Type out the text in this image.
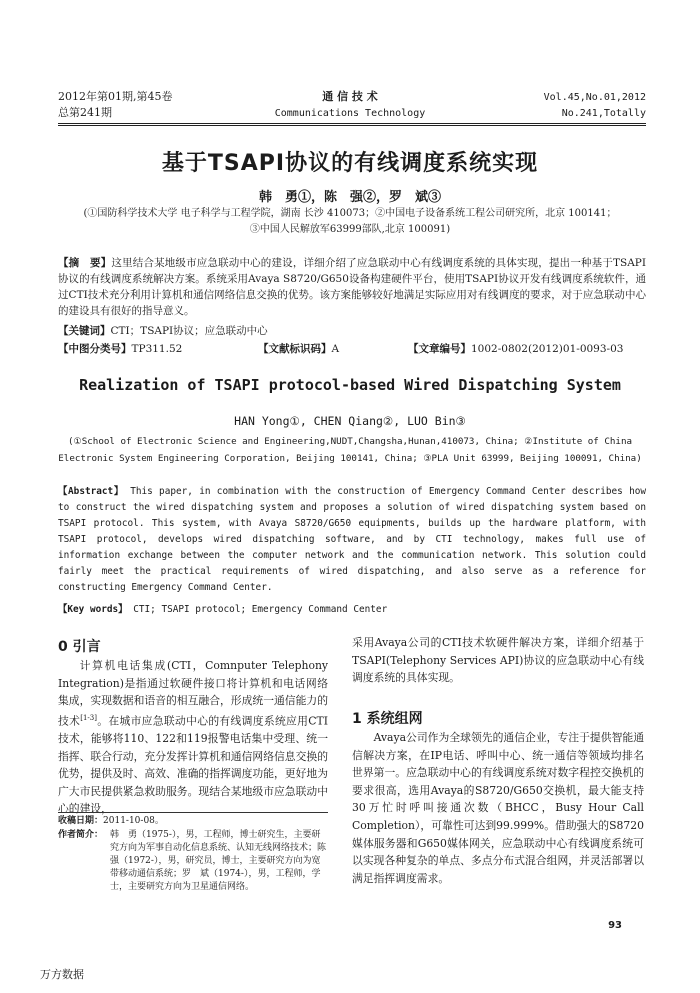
2012年第01期,第45卷
总第241期
通 信 技 术
Communications Technology
Vol.45,No.01,2012
No.241,Totally
基于TSAPI协议的有线调度系统实现
韩　勇①，陈　强②，罗　斌③
(①国防科学技术大学 电子科学与工程学院，湖南 长沙 410073；②中国电子设备系统工程公司研究所，北京 100141；
③中国人民解放军63999部队,北京 100091)
【摘　要】这里结合某地级市应急联动中心的建设，详细介绍了应急联动中心有线调度系统的具体实现，提出一种基于TSAPI协议的有线调度系统解决方案。系统采用Avaya S8720/G650设备构建硬件平台，使用TSAPI协议开发有线调度系统软件，通过CTI技术充分利用计算机和通信网络信息交换的优势。该方案能够较好地满足实际应用对有线调度的要求，对于应急联动中心的建设具有很好的指导意义。
【关键词】CTI；TSAPI协议；应急联动中心
【中图分类号】TP311.52	【文献标识码】A	【文章编号】1002-0802(2012)01-0093-03
Realization of TSAPI protocol-based Wired Dispatching System
HAN Yong①, CHEN Qiang②, LUO Bin③
(①School of Electronic Science and Engineering,NUDT,Changsha,Hunan,410073, China; ②Institute of China
Electronic System Engineering Corporation, Beijing 100141, China; ③PLA Unit 63999, Beijing 100091, China)
【Abstract】 This paper, in combination with the construction of Emergency Command Center describes how to construct the wired dispatching system and proposes a solution of wired dispatching system based on TSAPI protocol. This system, with Avaya S8720/G650 equipments, builds up the hardware platform, with TSAPI protocol, develops wired dispatching software, and by CTI technology, makes full use of information exchange between the computer network and the communication network. This solution could fairly meet the practical requirements of wired dispatching, and also serve as a reference for constructing Emergency Command Center.
【Key words】 CTI; TSAPI protocol; Emergency Command Center
0 引言

计算机电话集成(CTI，Comnputer Telephony Integration)是指通过软硬件接口将计算机和电话网络集成，实现数据和语音的相互融合，形成统一通信能力的技术[1-3]。在城市应急联动中心的有线调度系统应用CTI技术，能够将110、122和119报警电话集中受理、统一指挥、联合行动，充分发挥计算机和通信网络信息交换的优势，提供及时、高效、准确的指挥调度功能，更好地为广大市民提供紧急救助服务。现结合某地级市应急联动中心的建设，

收稿日期：2011-10-08。
作者简介： 韩　勇（1975-），男，工程师，博士研究生，主要研究方向为军事自动化信息系统、认知无线网络技术；陈　强（1972-），男，研究员，博士，主要研究方向为宽带移动通信系统；罗　斌（1974-），男，工程师，学士，主要研究方向为卫星通信网络。

采用Avaya公司的CTI技术软硬件解决方案，详细介绍基于TSAPI(Telephony Services API)协议的应急联动中心有线调度系统的具体实现。

1 系统组网

Avaya公司作为全球领先的通信企业，专注于提供智能通信解决方案，在IP电话、呼叫中心、统一通信等领域均排名世界第一。应急联动中心的有线调度系统对数字程控交换机的要求很高，选用Avaya的S8720/G650交换机，最大能支持30万忙时呼叫接通次数（BHCC，Busy Hour Call Completion），可靠性可达到99.999%。借助强大的S8720媒体服务器和G650媒体网关，应急联动中心有线调度系统可以实现各种复杂的单点、多点分布式混合组网，并灵活部署以满足指挥调度需求。

93
万方数据
